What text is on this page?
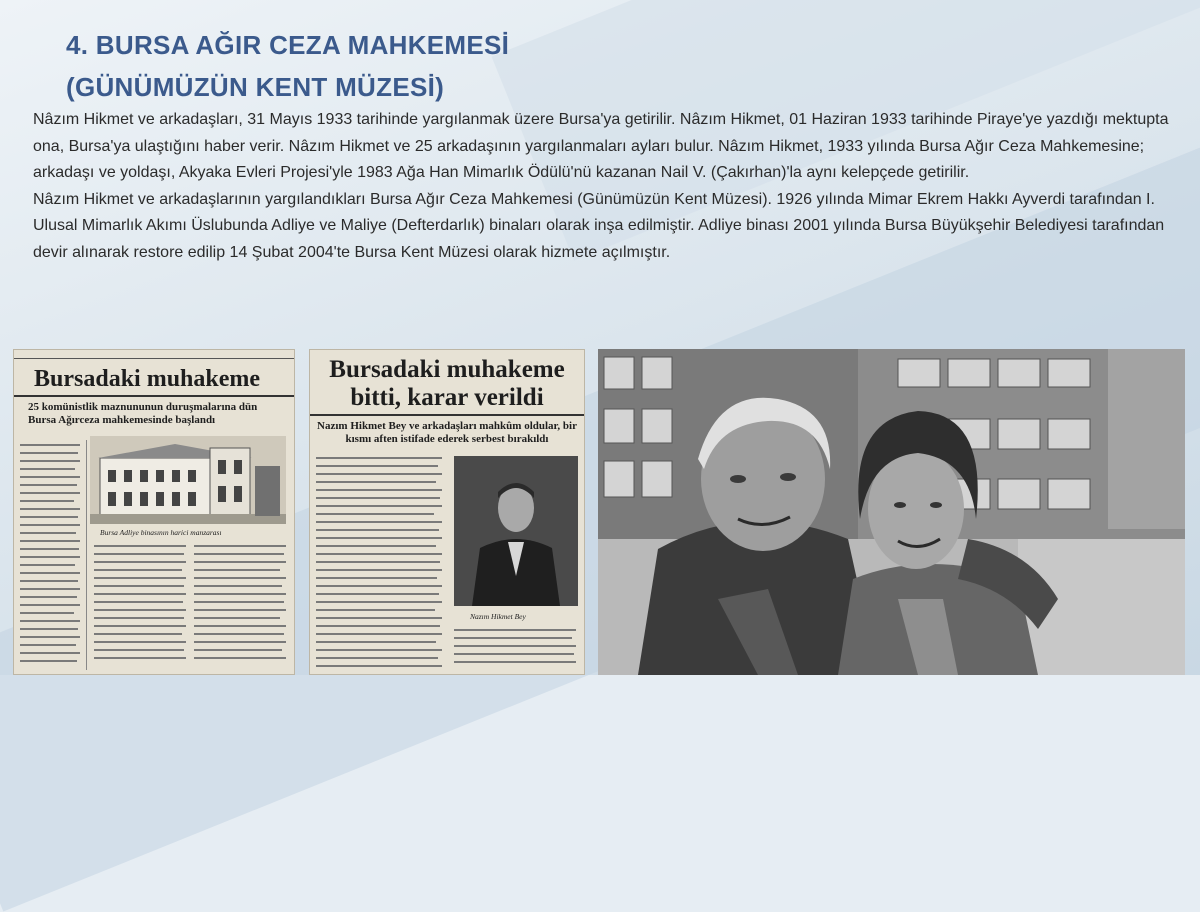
4. BURSA AĞIR CEZA MAHKEMESİ
(GÜNÜMÜZÜN KENT MÜZESİ)

Nâzım Hikmet ve arkadaşları, 31 Mayıs 1933 tarihinde yargılanmak üzere Bursa'ya getirilir. Nâzım Hikmet, 01 Haziran 1933 tarihinde Piraye'ye yazdığı mektupta ona, Bursa'ya ulaştığını haber verir. Nâzım Hikmet ve 25 arkadaşının yargılanmaları ayları bulur. Nâzım Hikmet, 1933 yılında Bursa Ağır Ceza Mahkemesine; arkadaşı ve yoldaşı, Akyaka Evleri Projesi'yle 1983 Ağa Han Mimarlık Ödülü'nü kazanan Nail V. (Çakırhan)'la aynı kelepçede getirilir.

Nâzım Hikmet ve arkadaşlarının yargılandıkları Bursa Ağır Ceza Mahkemesi (Günümüzün Kent Müzesi). 1926 yılında Mimar Ekrem Hakkı Ayverdi tarafından I. Ulusal Mimarlık Akımı Üslubunda Adliye ve Maliye (Defterdarlık) binaları olarak inşa edilmiştir. Adliye binası 2001 yılında Bursa Büyükşehir Belediyesi tarafından devir alınarak restore edilip 14 Şubat 2004'te Bursa Kent Müzesi olarak hizmete açılmıştır.

Bursadaki muhakeme
25 komünistlik maznununun duruşmalarına dün Bursa Ağırceza mahkemesinde başlandı
Bursa Adliye binasının harici manzarası
Bursadaki muhakeme bitti, karar verildi
Nazım Hikmet Bey ve arkadaşları mahkûm oldular, bir kısmı aften istifade ederek serbest bırakıldı
Nazım Hikmet Bey
